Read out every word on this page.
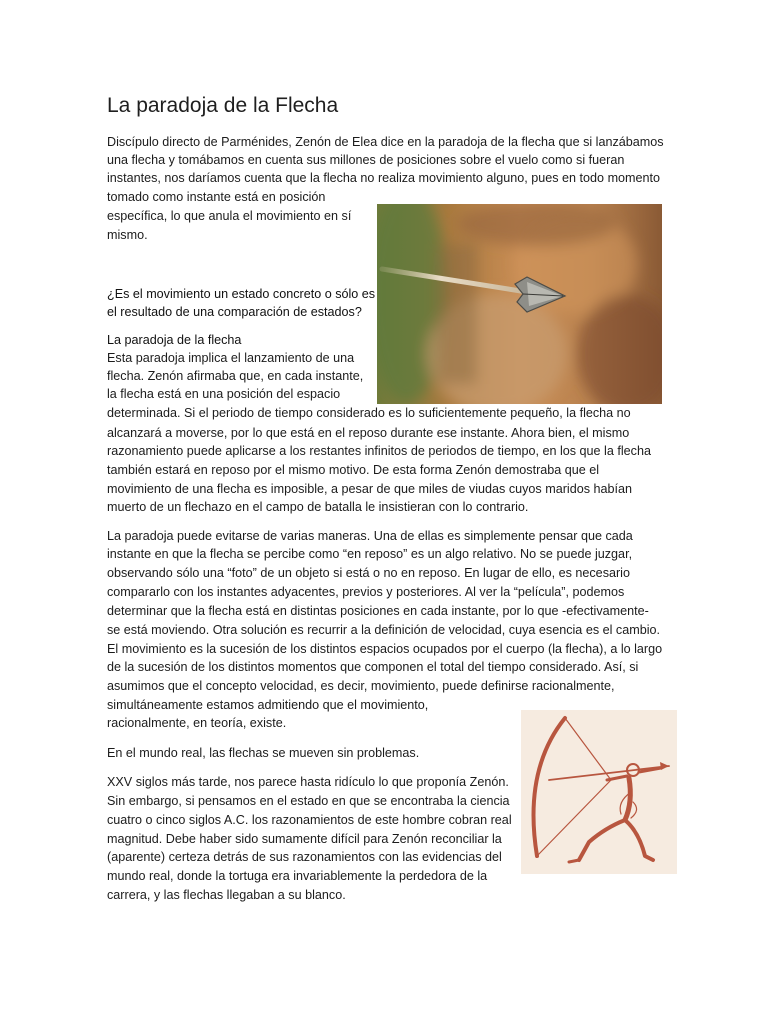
La paradoja de la Flecha

Discípulo directo de Parménides, Zenón de Elea dice en la paradoja de la flecha que si lanzábamos

una flecha y tomábamos en cuenta sus millones de posiciones sobre el vuelo como si fueran

instantes, nos daríamos cuenta que la flecha no realiza movimiento alguno, pues en todo momento

tomado como instante está en posición

específica, lo que anula el movimiento en sí

mismo.

¿Es el movimiento un estado concreto o sólo es

el resultado de una comparación de estados?

La paradoja de la flecha

Esta paradoja implica el lanzamiento de una

flecha. Zenón afirmaba que, en cada instante,

la flecha está en una posición del espacio

determinada. Si el periodo de tiempo considerado es lo suficientemente pequeño, la flecha no

alcanzará a moverse, por lo que está en el reposo durante ese instante. Ahora bien, el mismo

razonamiento puede aplicarse a los restantes infinitos de periodos de tiempo, en los que la flecha

también estará en reposo por el mismo motivo. De esta forma Zenón demostraba que el

movimiento de una flecha es imposible, a pesar de que miles de viudas cuyos maridos habían

muerto de un flechazo en el campo de batalla le insistieran con lo contrario.

La paradoja puede evitarse de varias maneras. Una de ellas es simplemente pensar que cada

instante en que la flecha se percibe como “en reposo” es un algo relativo. No se puede juzgar,

observando sólo una “foto” de un objeto si está o no en reposo. En lugar de ello, es necesario

compararlo con los instantes adyacentes, previos y posteriores. Al ver la “película”, podemos

determinar que la flecha está en distintas posiciones en cada instante, por lo que -efectivamente-

se está moviendo. Otra solución es recurrir a la definición de velocidad, cuya esencia es el cambio.

El movimiento es la sucesión de los distintos espacios ocupados por el cuerpo (la flecha), a lo largo

de la sucesión de los distintos momentos que componen el total del tiempo considerado. Así, si

asumimos que el concepto velocidad, es decir, movimiento, puede definirse racionalmente,

simultáneamente estamos admitiendo que el movimiento,

racionalmente, en teoría, existe.

En el mundo real, las flechas se mueven sin problemas.

XXV siglos más tarde, nos parece hasta ridículo lo que proponía Zenón.

Sin embargo, si pensamos en el estado en que se encontraba la ciencia

cuatro o cinco siglos A.C. los razonamientos de este hombre cobran real

magnitud. Debe haber sido sumamente difícil para Zenón reconciliar la

(aparente) certeza detrás de sus razonamientos con las evidencias del

mundo real, donde la tortuga era invariablemente la perdedora de la

carrera, y las flechas llegaban a su blanco.
